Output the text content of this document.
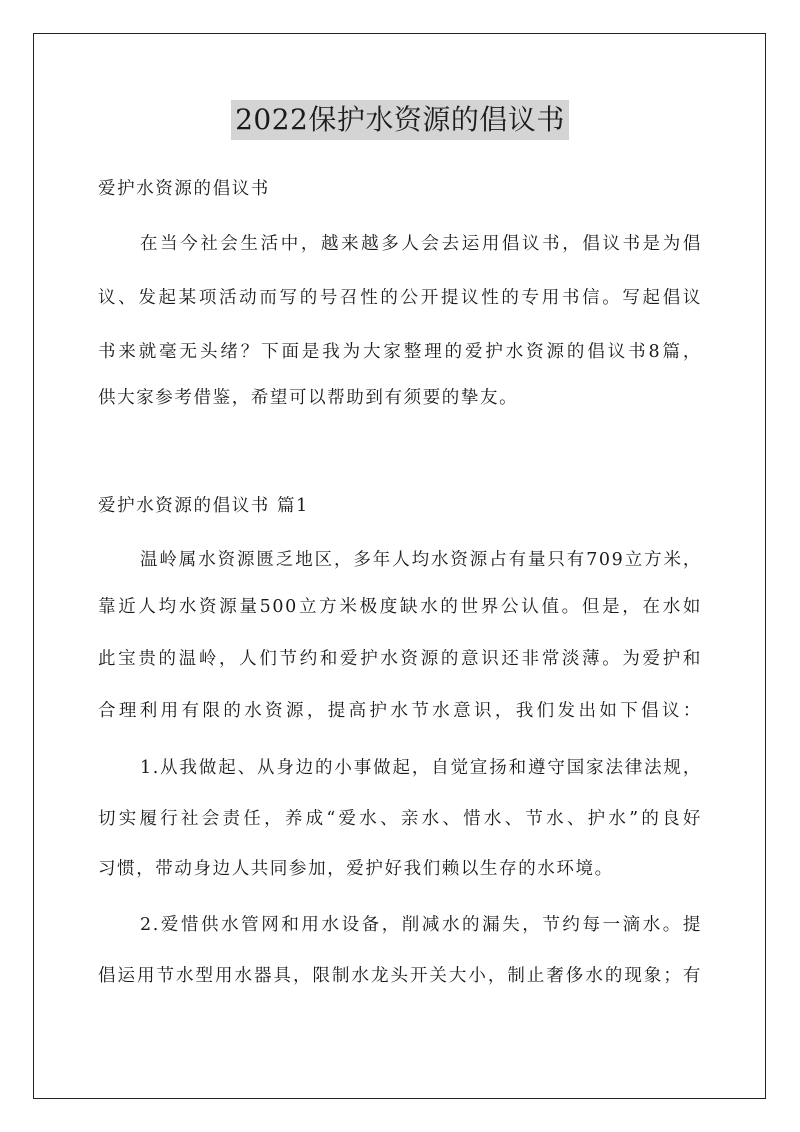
2022保护水资源的倡议书
爱护水资源的倡议书
在当今社会生活中，越来越多人会去运用倡议书，倡议书是为倡
议、发起某项活动而写的号召性的公开提议性的专用书信。写起倡议
书来就毫无头绪？下面是我为大家整理的爱护水资源的倡议书8篇，
供大家参考借鉴，希望可以帮助到有须要的挚友。
爱护水资源的倡议书 篇1
温岭属水资源匮乏地区，多年人均水资源占有量只有709立方米，
靠近人均水资源量500立方米极度缺水的世界公认值。但是，在水如
此宝贵的温岭，人们节约和爱护水资源的意识还非常淡薄。为爱护和
合理利用有限的水资源，提高护水节水意识，我们发出如下倡议：
1.从我做起、从身边的小事做起，自觉宣扬和遵守国家法律法规，
切实履行社会责任，养成“爱水、亲水、惜水、节水、护水”的良好
习惯，带动身边人共同参加，爱护好我们赖以生存的水环境。
2.爱惜供水管网和用水设备，削减水的漏失，节约每一滴水。提
倡运用节水型用水器具，限制水龙头开关大小，制止奢侈水的现象；有
